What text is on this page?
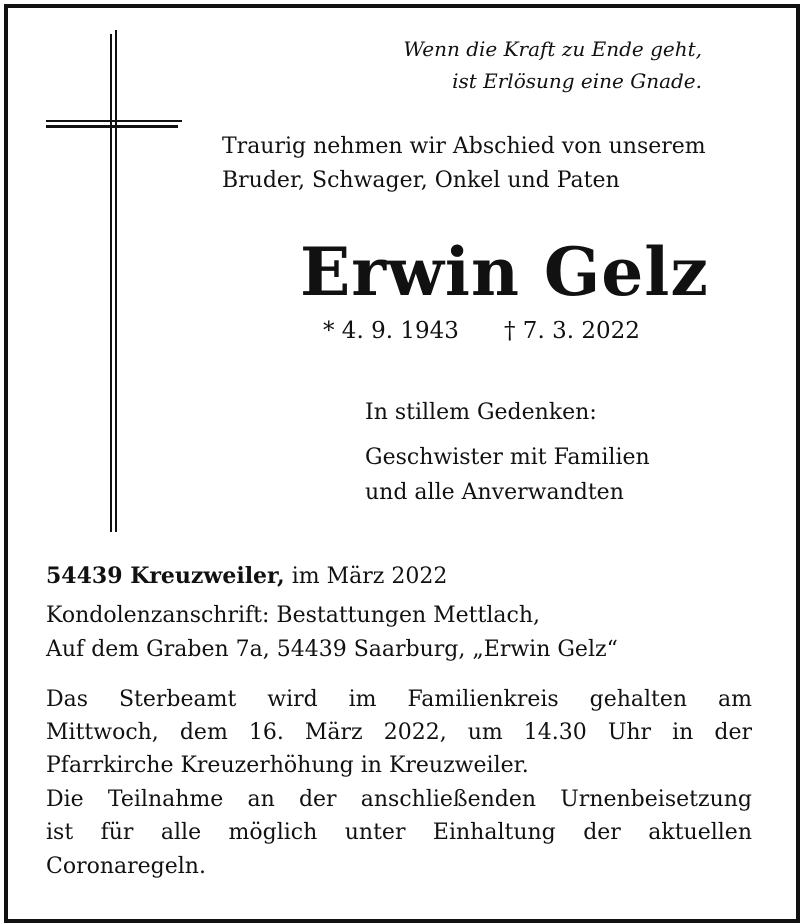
Wenn die Kraft zu Ende geht,
ist Erlösung eine Gnade.
Traurig nehmen wir Abschied von unserem
Bruder, Schwager, Onkel und Paten
Erwin Gelz
* 4. 9. 1943 † 7. 3. 2022
In stillem Gedenken:
Geschwister mit Familien
und alle Anverwandten
54439 Kreuzweiler, im März 2022
Kondolenzanschrift: Bestattungen Mettlach,
Auf dem Graben 7a, 54439 Saarburg, „Erwin Gelz“
Das Sterbeamt wird im Familienkreis gehalten am
Mittwoch, dem 16. März 2022, um 14.30 Uhr in der
Pfarrkirche Kreuzerhöhung in Kreuzweiler.
Die Teilnahme an der anschließenden Urnenbeisetzung
ist für alle möglich unter Einhaltung der aktuellen
Coronaregeln.
